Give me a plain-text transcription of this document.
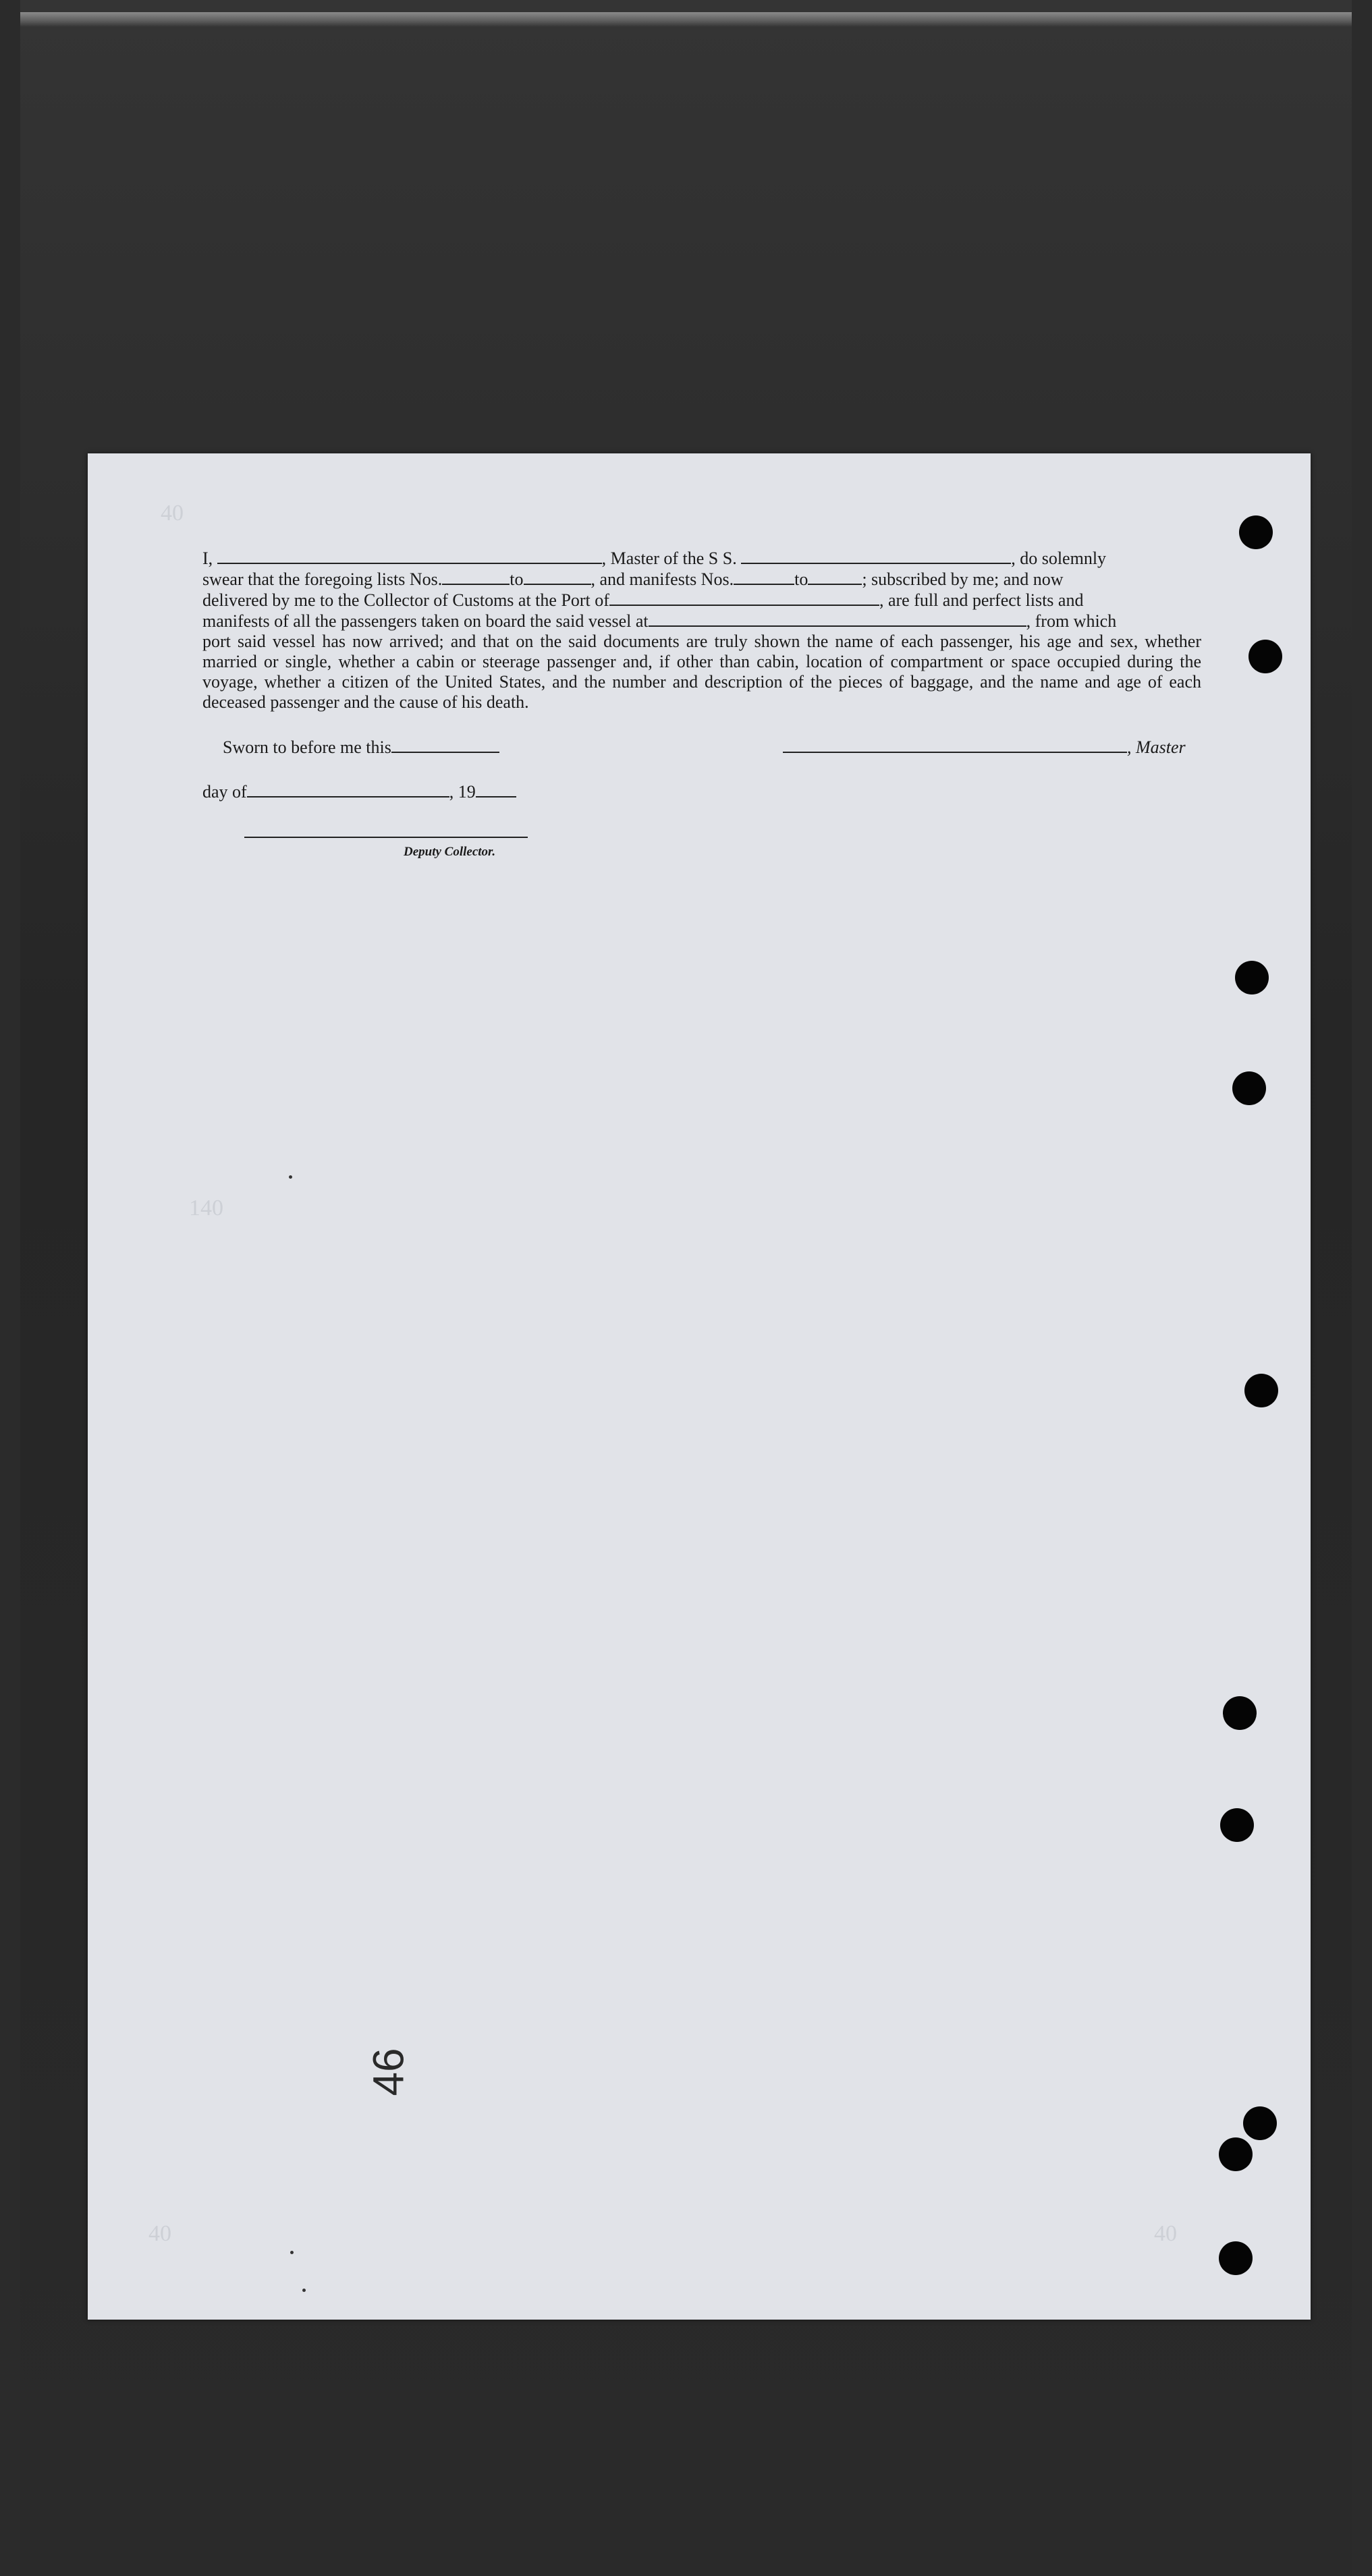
40
40	40
140
I,	, Master of the S S.	, do solemnly
swear that the foregoing lists Nos.	to	, and manifests Nos.	to	; subscribed by me; and now
delivered by me to the Collector of Customs at the Port of	, are full and perfect lists and
manifests of all the passengers taken on board the said vessel at	, from which
port said vessel has now arrived; and that on the said documents are truly shown the name of each passenger, his age and sex, whether married or single, whether a cabin or steerage passenger and, if other than cabin, location of compartment or space occupied during the voyage, whether a citizen of the United States, and the number and description of the pieces of baggage, and the name and age of each deceased passenger and the cause of his death.
Sworn to before me this	, Master
day of	, 19
Deputy Collector.
46
